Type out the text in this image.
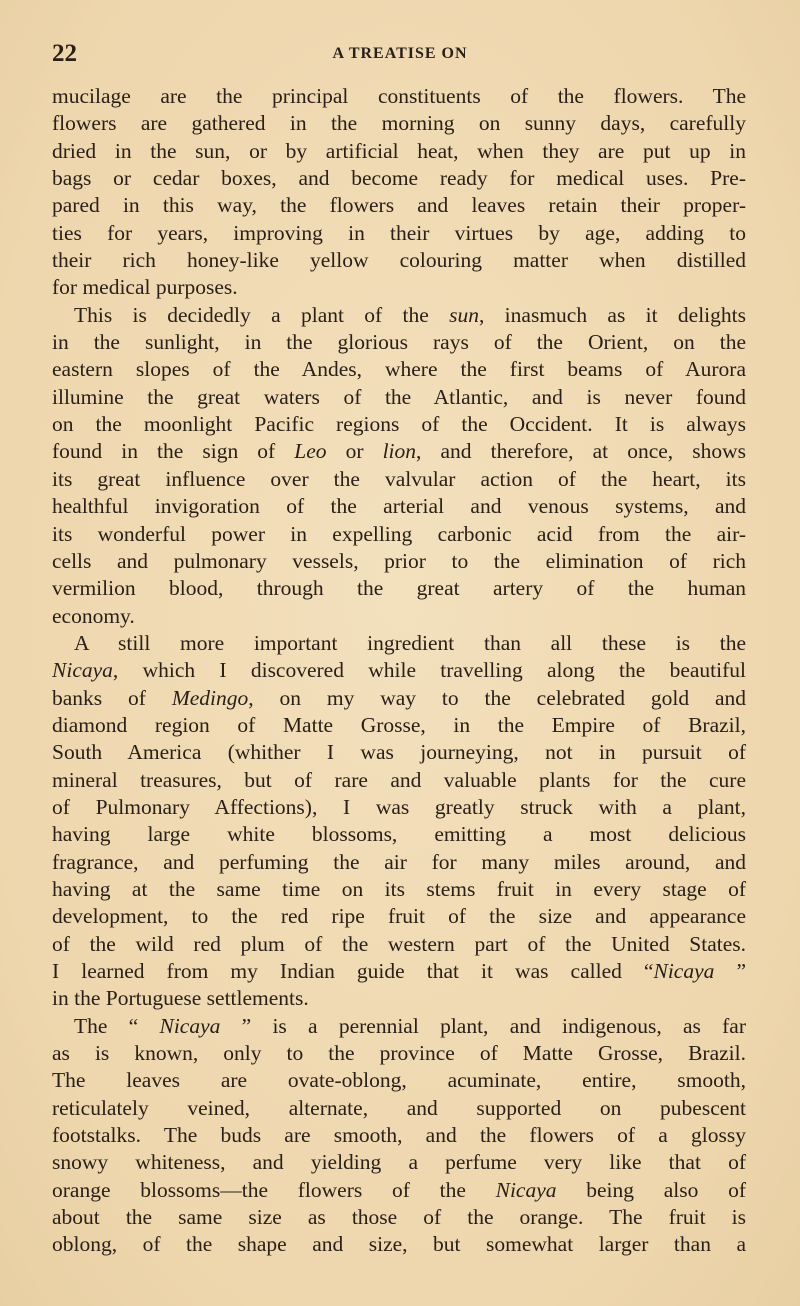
22	A TREATISE ON
mucilage are the principal constituents of the flowers. The
flowers are gathered in the morning on sunny days, carefully
dried in the sun, or by artificial heat, when they are put up in
bags or cedar boxes, and become ready for medical uses. Pre-
pared in this way, the flowers and leaves retain their proper-
ties for years, improving in their virtues by age, adding to
their rich honey-like yellow colouring matter when distilled
for medical purposes.
This is decidedly a plant of the sun, inasmuch as it delights
in the sunlight, in the glorious rays of the Orient, on the
eastern slopes of the Andes, where the first beams of Aurora
illumine the great waters of the Atlantic, and is never found
on the moonlight Pacific regions of the Occident. It is always
found in the sign of Leo or lion, and therefore, at once, shows
its great influence over the valvular action of the heart, its
healthful invigoration of the arterial and venous systems, and
its wonderful power in expelling carbonic acid from the air-
cells and pulmonary vessels, prior to the elimination of rich
vermilion blood, through the great artery of the human
economy.
A still more important ingredient than all these is the
Nicaya, which I discovered while travelling along the beautiful
banks of Medingo, on my way to the celebrated gold and
diamond region of Matte Grosse, in the Empire of Brazil,
South America (whither I was journeying, not in pursuit of
mineral treasures, but of rare and valuable plants for the cure
of Pulmonary Affections), I was greatly struck with a plant,
having large white blossoms, emitting a most delicious
fragrance, and perfuming the air for many miles around, and
having at the same time on its stems fruit in every stage of
development, to the red ripe fruit of the size and appearance
of the wild red plum of the western part of the United States.
I learned from my Indian guide that it was called “Nicaya ”
in the Portuguese settlements.
The “ Nicaya ” is a perennial plant, and indigenous, as far
as is known, only to the province of Matte Grosse, Brazil.
The leaves are ovate-oblong, acuminate, entire, smooth,
reticulately veined, alternate, and supported on pubescent
footstalks. The buds are smooth, and the flowers of a glossy
snowy whiteness, and yielding a perfume very like that of
orange blossoms—the flowers of the Nicaya being also of
about the same size as those of the orange. The fruit is
oblong, of the shape and size, but somewhat larger than a
